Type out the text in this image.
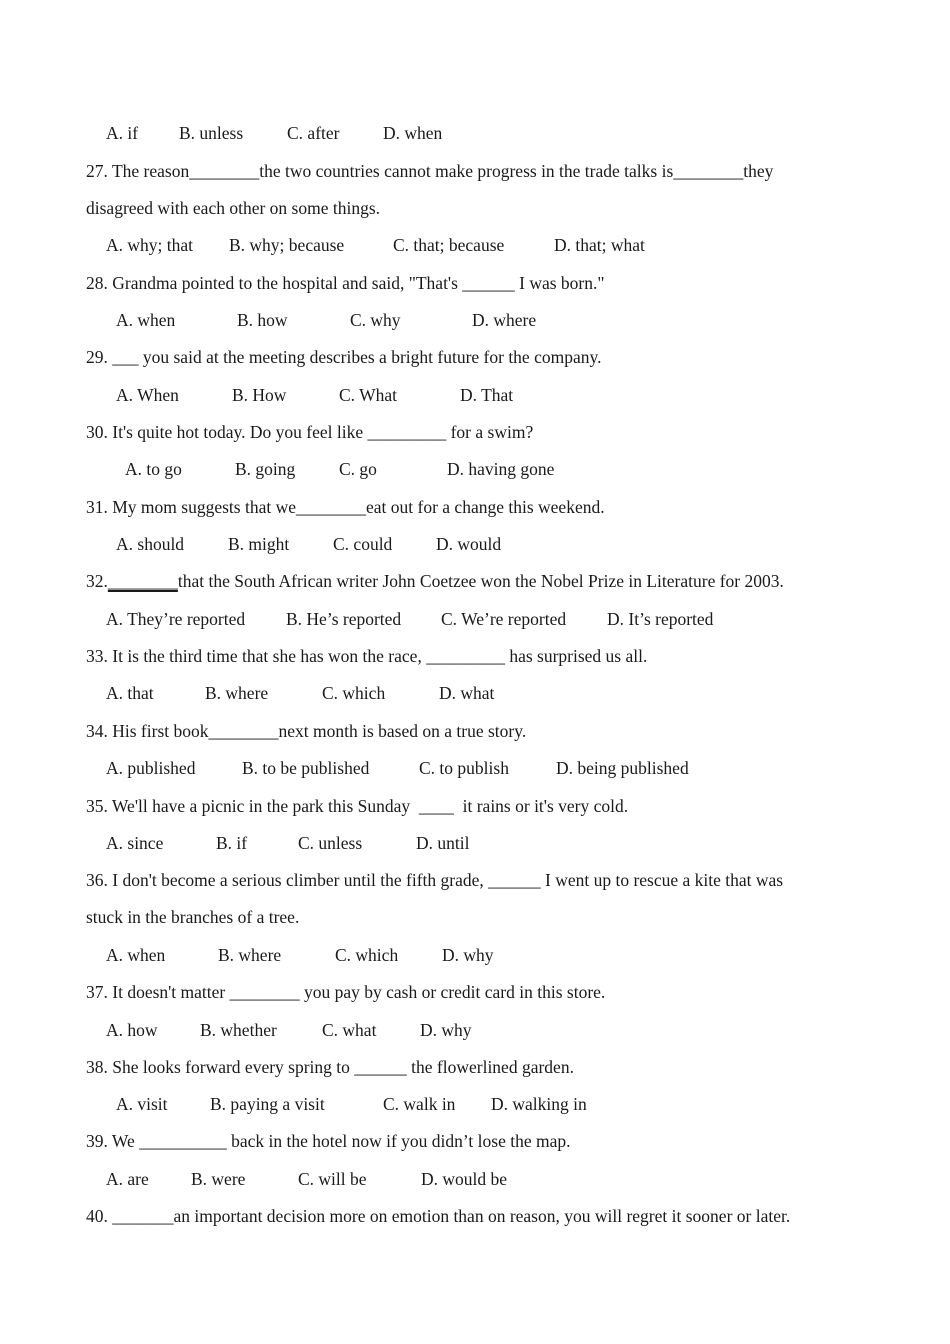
A. if B. unless	C. after D. when
27. The reason________the two countries cannot make progress in the trade talks is________they
disagreed with each other on some things.
A. why; that B. why; because	C. that; because	D. that; what
28. Grandma pointed to the hospital and said, "That's ______ I was born."
A. when	B. how	C. why	D. where
29. ___ you said at the meeting describes a bright future for the company.
A. When	B. How	C. What	D. That
30. It's quite hot today. Do you feel like _________ for a swim?
A. to go	B. going C. go	D. having gone
31. My mom suggests that we________eat out for a change this weekend.
A. should	B. might C. could D. would
32.________that the South African writer John Coetzee won the Nobel Prize in Literature for 2003.
A. They’re reported B. He’s reported C. We’re reported D. It’s reported
33. It is the third time that she has won the race, _________ has surprised us all.
A. that	B. where	C. which	D. what
34. His first book________next month is based on a true story.
A. published	B. to be published	C. to publish	D. being published
35. We'll have a picnic in the park this Sunday  ____  it rains or it's very cold.
A. since	B. if	C. unless	D. until
36. I don't become a serious climber until the fifth grade, ______ I went up to rescue a kite that was
stuck in the branches of a tree.
A. when	B. where	C. which	D. why
37. It doesn't matter ________ you pay by cash or credit card in this store.
A. how B. whether	C. what D. why
38. She looks forward every spring to ______ the flowerlined garden.
A. visit B. paying a visit	C. walk in D. walking in
39. We __________ back in the hotel now if you didn’t lose the map.
A. are B. were	C. will be	D. would be
40. _______an important decision more on emotion than on reason, you will regret it sooner or later.
